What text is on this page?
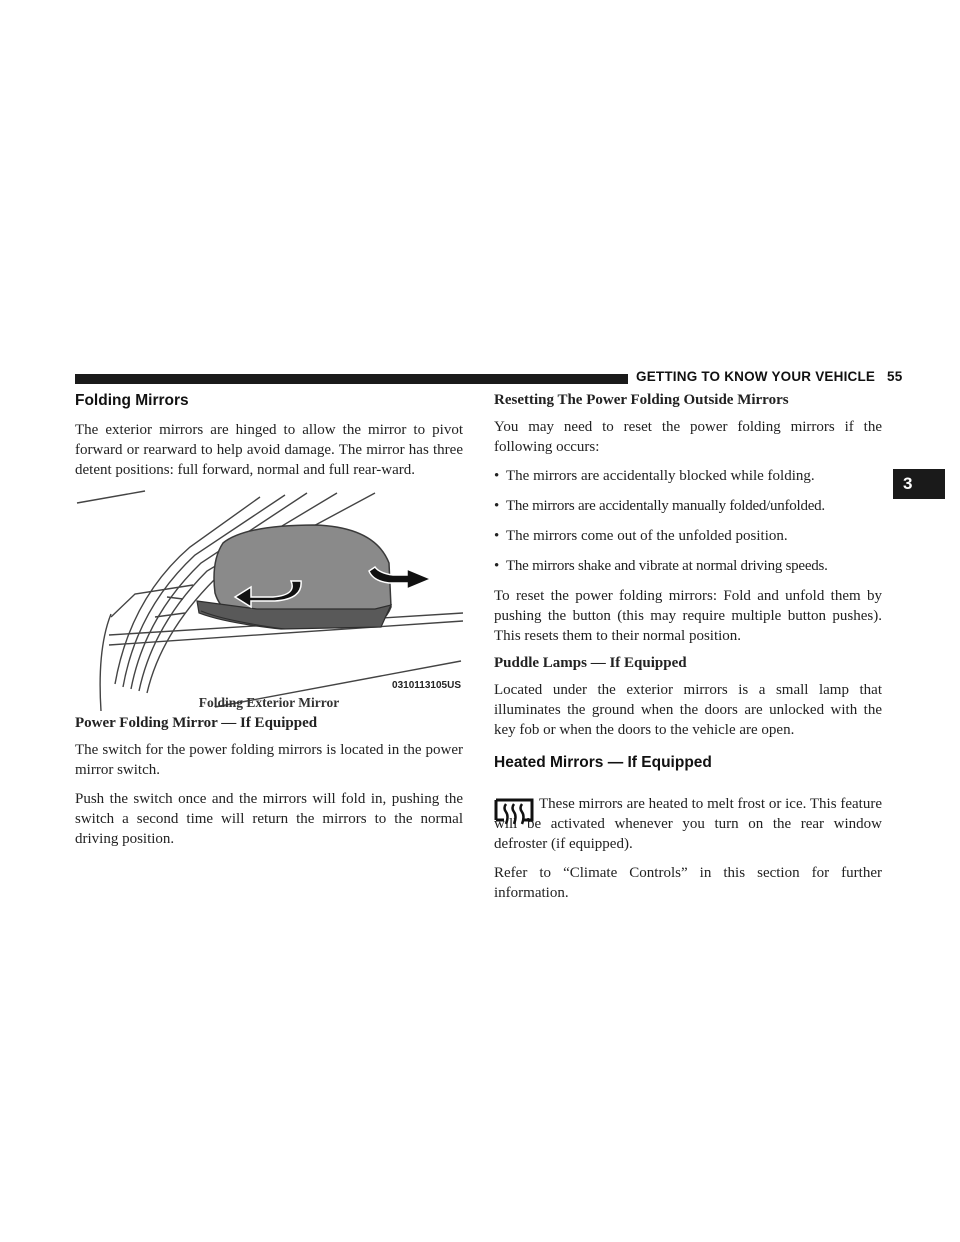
GETTING TO KNOW YOUR VEHICLE 55
3
Folding Mirrors

The exterior mirrors are hinged to allow the mirror to pivot forward or rearward to help avoid damage. The mirror has three detent positions: full forward, normal and full rear-ward.

0310113105US
Folding Exterior Mirror
Power Folding Mirror — If Equipped

The switch for the power folding mirrors is located in the power mirror switch.

Push the switch once and the mirrors will fold in, pushing the switch a second time will return the mirrors to the normal driving position.

Resetting The Power Folding Outside Mirrors

You may need to reset the power folding mirrors if the following occurs:

• The mirrors are accidentally blocked while folding.
• The mirrors are accidentally manually folded/unfolded.
• The mirrors come out of the unfolded position.
• The mirrors shake and vibrate at normal driving speeds.

To reset the power folding mirrors: Fold and unfold them by pushing the button (this may require multiple button pushes). This resets them to their normal position.

Puddle Lamps — If Equipped

Located under the exterior mirrors is a small lamp that illuminates the ground when the doors are unlocked with the key fob or when the doors to the vehicle are open.

Heated Mirrors — If Equipped

These mirrors are heated to melt frost or ice. This feature will be activated whenever you turn on the rear window defroster (if equipped).

Refer to “Climate Controls” in this section for further information.
